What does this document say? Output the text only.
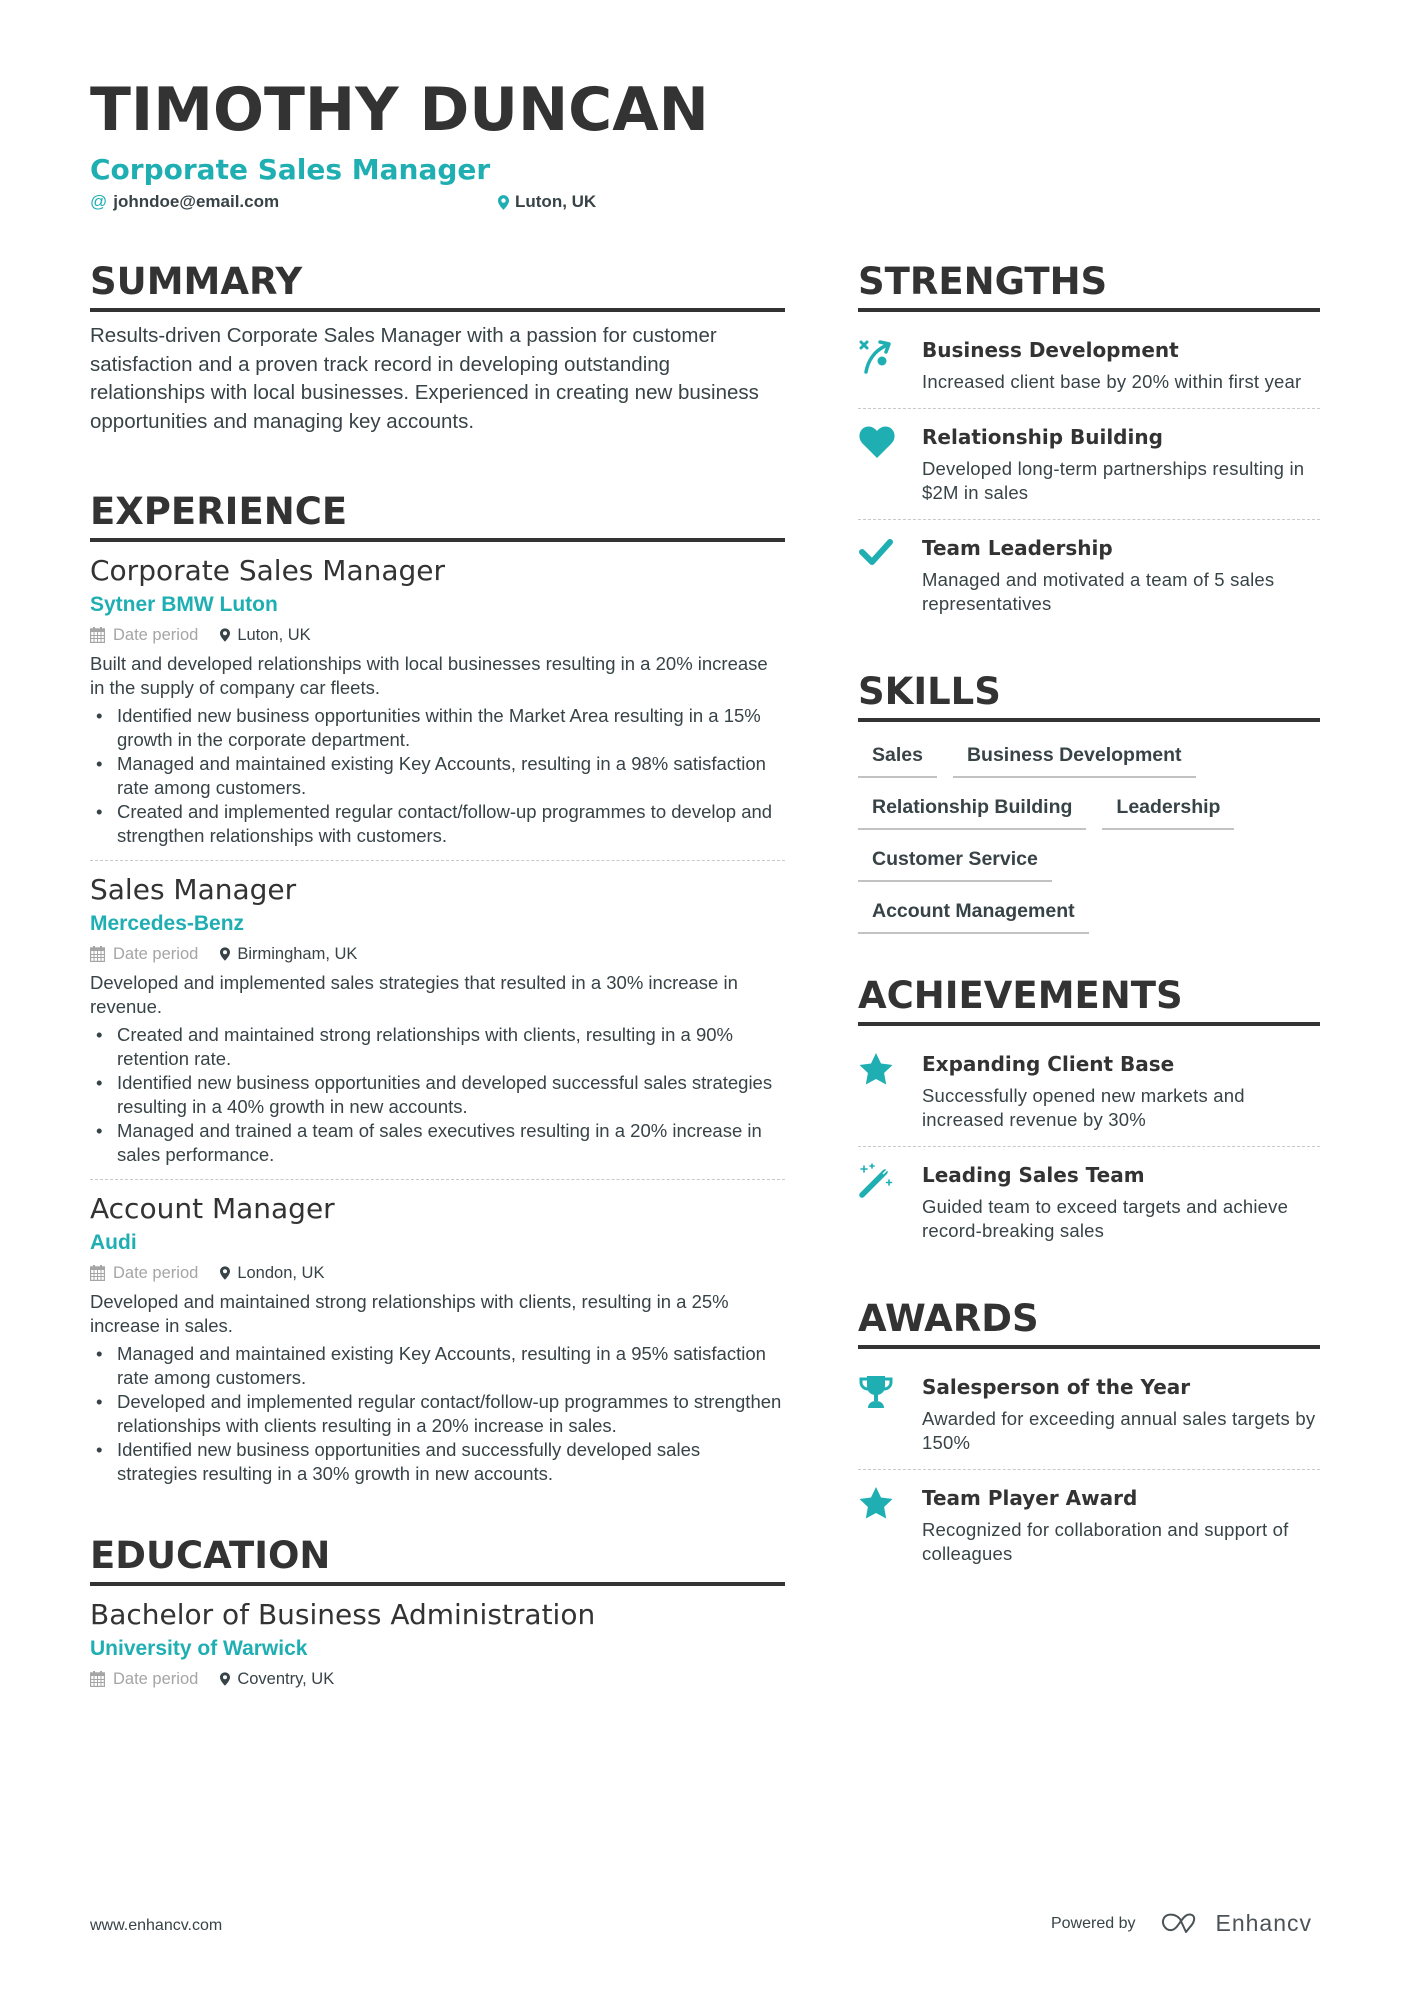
TIMOTHY DUNCAN
Corporate Sales Manager
@ johndoe@email.com	Luton, UK
SUMMARY

Results-driven Corporate Sales Manager with a passion for customer satisfaction and a proven track record in developing outstanding relationships with local businesses. Experienced in creating new business opportunities and managing key accounts.

EXPERIENCE
Corporate Sales Manager
Sytner BMW Luton
Date period Luton, UK

Built and developed relationships with local businesses resulting in a 20% increase in the supply of company car fleets.

• Identified new business opportunities within the Market Area resulting in a 15% growth in the corporate department.
• Managed and maintained existing Key Accounts, resulting in a 98% satisfaction rate among customers.
• Created and implemented regular contact/follow-up programmes to develop and strengthen relationships with customers.
Sales Manager
Mercedes-Benz
Date period Birmingham, UK

Developed and implemented sales strategies that resulted in a 30% increase in revenue.

• Created and maintained strong relationships with clients, resulting in a 90% retention rate.
• Identified new business opportunities and developed successful sales strategies resulting in a 40% growth in new accounts.
• Managed and trained a team of sales executives resulting in a 20% increase in sales performance.
Account Manager
Audi
Date period London, UK

Developed and maintained strong relationships with clients, resulting in a 25% increase in sales.

• Managed and maintained existing Key Accounts, resulting in a 95% satisfaction rate among customers.
• Developed and implemented regular contact/follow-up programmes to strengthen relationships with clients resulting in a 20% increase in sales.
• Identified new business opportunities and successfully developed sales strategies resulting in a 30% growth in new accounts.
EDUCATION
Bachelor of Business Administration
University of Warwick
Date period Coventry, UK
STRENGTHS
Business Development
Increased client base by 20% within first year
Relationship Building
Developed long-term partnerships resulting in $2M in sales
Team Leadership
Managed and motivated a team of 5 sales representatives
SKILLS
Sales	Business Development
Relationship Building	Leadership
Customer Service
Account Management
ACHIEVEMENTS
Expanding Client Base
Successfully opened new markets and increased revenue by 30%
Leading Sales Team
Guided team to exceed targets and achieve record-breaking sales
AWARDS
Salesperson of the Year
Awarded for exceeding annual sales targets by 150%
Team Player Award
Recognized for collaboration and support of colleagues
www.enhancv.com	Powered by	Enhancv
